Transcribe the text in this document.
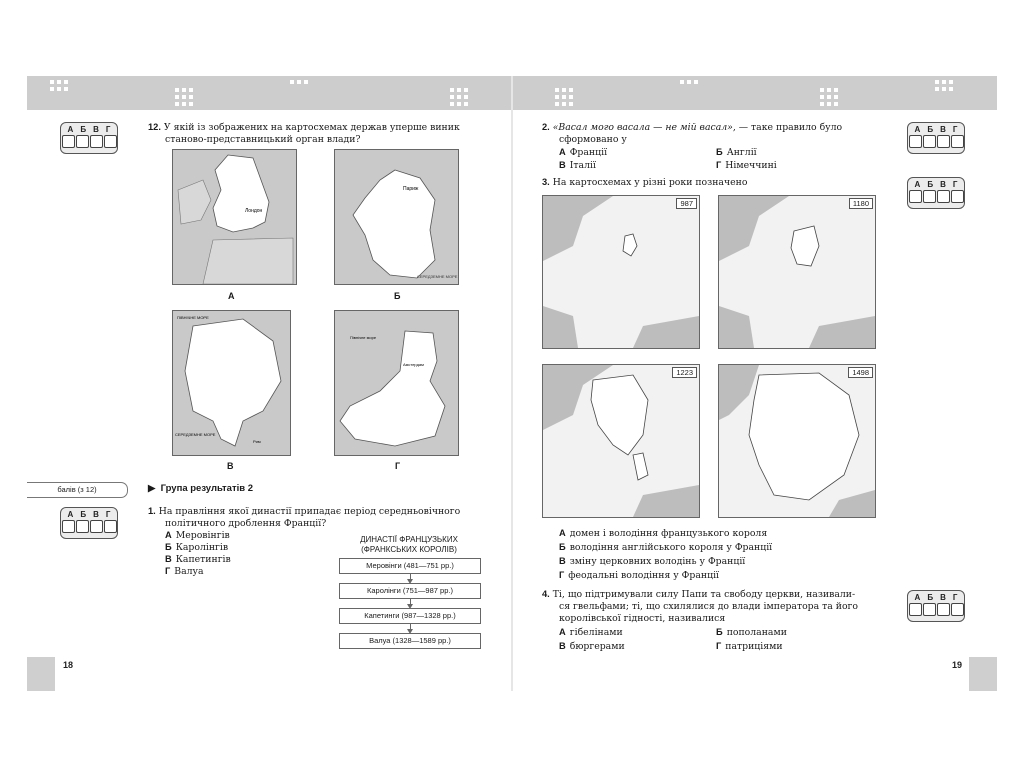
А Б В Г	12. У якій із зображених на картосхемах держав уперше виник
станово-представницький орган влади?
Лондон
А
Париж
СЕРЕДЗЕМНЕ МОРЕ
Б
ПІВНІЧНЕ МОРЕ
СЕРЕДЗЕМНЕ МОРЕ
Рим
В
Північне море
Амстердам
Г
балів (з 12)	▶ Група результатів 2
А Б В Г	1. На правління якої династії припадає період середньовічного
політичного дроблення Франції?
А Меровінгів
Б Каролінгів
В Капетингів
Г Валуа
ДИНАСТІЇ ФРАНЦУЗЬКИХ
(ФРАНКСЬКИХ КОРОЛІВ)
Меровінги (481—751 рр.)
Каролінги (751—987 рр.)
Капетинги (987—1328 рр.)
Валуа (1328—1589 рр.)
18
2. «Васал мого васала — не мій васал», — таке правило було
сформовано у
А Франції	Б Англії
В Італії	Г Німеччині
А Б В Г
А Б В Г
3. На картосхемах у різні роки позначено
987	1180
1223	1498
А домен і володіння французького короля
Б володіння англійського короля у Франції
В зміну церковних володінь у Франції
Г феодальні володіння у Франції
4. Ті, що підтримували силу Папи та свободу церкви, називали-
ся гвельфами; ті, що схилялися до влади імператора та його
королівської гідності, називалися
А Б В Г
А гібелінами	Б пополанами
В бюргерами	Г патриціями
19
